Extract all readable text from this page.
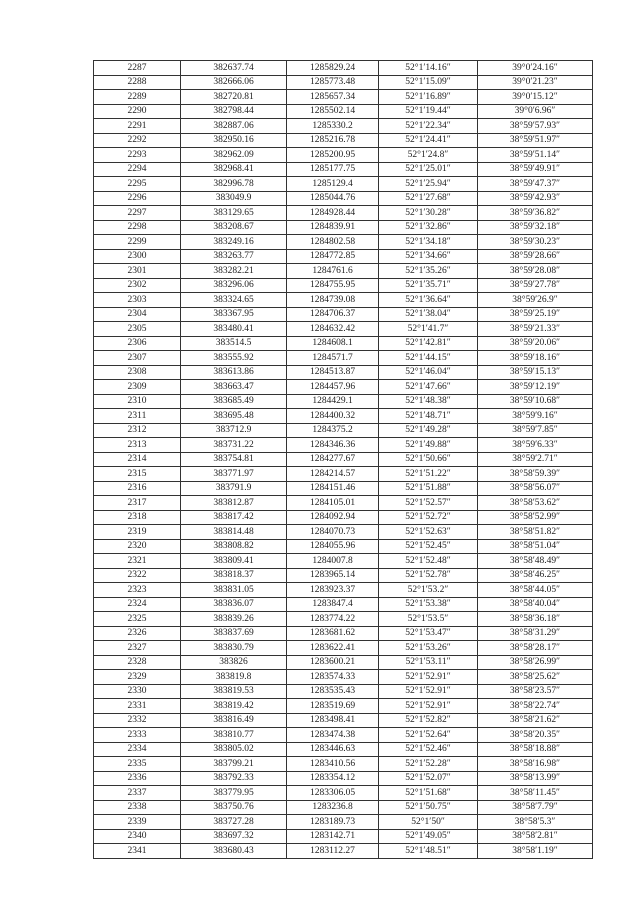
2287	382637.74	1285829.24	52°1′14.16″	39°0′24.16″
2288	382666.06	1285773.48	52°1′15.09″	39°0′21.23″
2289	382720.81	1285657.34	52°1′16.89″	39°0′15.12″
2290	382798.44	1285502.14	52°1′19.44″	39°0′6.96″
2291	382887.06	1285330.2	52°1′22.34″	38°59′57.93″
2292	382950.16	1285216.78	52°1′24.41″	38°59′51.97″
2293	382962.09	1285200.95	52°1′24.8″	38°59′51.14″
2294	382968.41	1285177.75	52°1′25.01″	38°59′49.91″
2295	382996.78	1285129.4	52°1′25.94″	38°59′47.37″
2296	383049.9	1285044.76	52°1′27.68″	38°59′42.93″
2297	383129.65	1284928.44	52°1′30.28″	38°59′36.82″
2298	383208.67	1284839.91	52°1′32.86″	38°59′32.18″
2299	383249.16	1284802.58	52°1′34.18″	38°59′30.23″
2300	383263.77	1284772.85	52°1′34.66″	38°59′28.66″
2301	383282.21	1284761.6	52°1′35.26″	38°59′28.08″
2302	383296.06	1284755.95	52°1′35.71″	38°59′27.78″
2303	383324.65	1284739.08	52°1′36.64″	38°59′26.9″
2304	383367.95	1284706.37	52°1′38.04″	38°59′25.19″
2305	383480.41	1284632.42	52°1′41.7″	38°59′21.33″
2306	383514.5	1284608.1	52°1′42.81″	38°59′20.06″
2307	383555.92	1284571.7	52°1′44.15″	38°59′18.16″
2308	383613.86	1284513.87	52°1′46.04″	38°59′15.13″
2309	383663.47	1284457.96	52°1′47.66″	38°59′12.19″
2310	383685.49	1284429.1	52°1′48.38″	38°59′10.68″
2311	383695.48	1284400.32	52°1′48.71″	38°59′9.16″
2312	383712.9	1284375.2	52°1′49.28″	38°59′7.85″
2313	383731.22	1284346.36	52°1′49.88″	38°59′6.33″
2314	383754.81	1284277.67	52°1′50.66″	38°59′2.71″
2315	383771.97	1284214.57	52°1′51.22″	38°58′59.39″
2316	383791.9	1284151.46	52°1′51.88″	38°58′56.07″
2317	383812.87	1284105.01	52°1′52.57″	38°58′53.62″
2318	383817.42	1284092.94	52°1′52.72″	38°58′52.99″
2319	383814.48	1284070.73	52°1′52.63″	38°58′51.82″
2320	383808.82	1284055.96	52°1′52.45″	38°58′51.04″
2321	383809.41	1284007.8	52°1′52.48″	38°58′48.49″
2322	383818.37	1283965.14	52°1′52.78″	38°58′46.25″
2323	383831.05	1283923.37	52°1′53.2″	38°58′44.05″
2324	383836.07	1283847.4	52°1′53.38″	38°58′40.04″
2325	383839.26	1283774.22	52°1′53.5″	38°58′36.18″
2326	383837.69	1283681.62	52°1′53.47″	38°58′31.29″
2327	383830.79	1283622.41	52°1′53.26″	38°58′28.17″
2328	383826	1283600.21	52°1′53.11″	38°58′26.99″
2329	383819.8	1283574.33	52°1′52.91″	38°58′25.62″
2330	383819.53	1283535.43	52°1′52.91″	38°58′23.57″
2331	383819.42	1283519.69	52°1′52.91″	38°58′22.74″
2332	383816.49	1283498.41	52°1′52.82″	38°58′21.62″
2333	383810.77	1283474.38	52°1′52.64″	38°58′20.35″
2334	383805.02	1283446.63	52°1′52.46″	38°58′18.88″
2335	383799.21	1283410.56	52°1′52.28″	38°58′16.98″
2336	383792.33	1283354.12	52°1′52.07″	38°58′13.99″
2337	383779.95	1283306.05	52°1′51.68″	38°58′11.45″
2338	383750.76	1283236.8	52°1′50.75″	38°58′7.79″
2339	383727.28	1283189.73	52°1′50″	38°58′5.3″
2340	383697.32	1283142.71	52°1′49.05″	38°58′2.81″
2341	383680.43	1283112.27	52°1′48.51″	38°58′1.19″
